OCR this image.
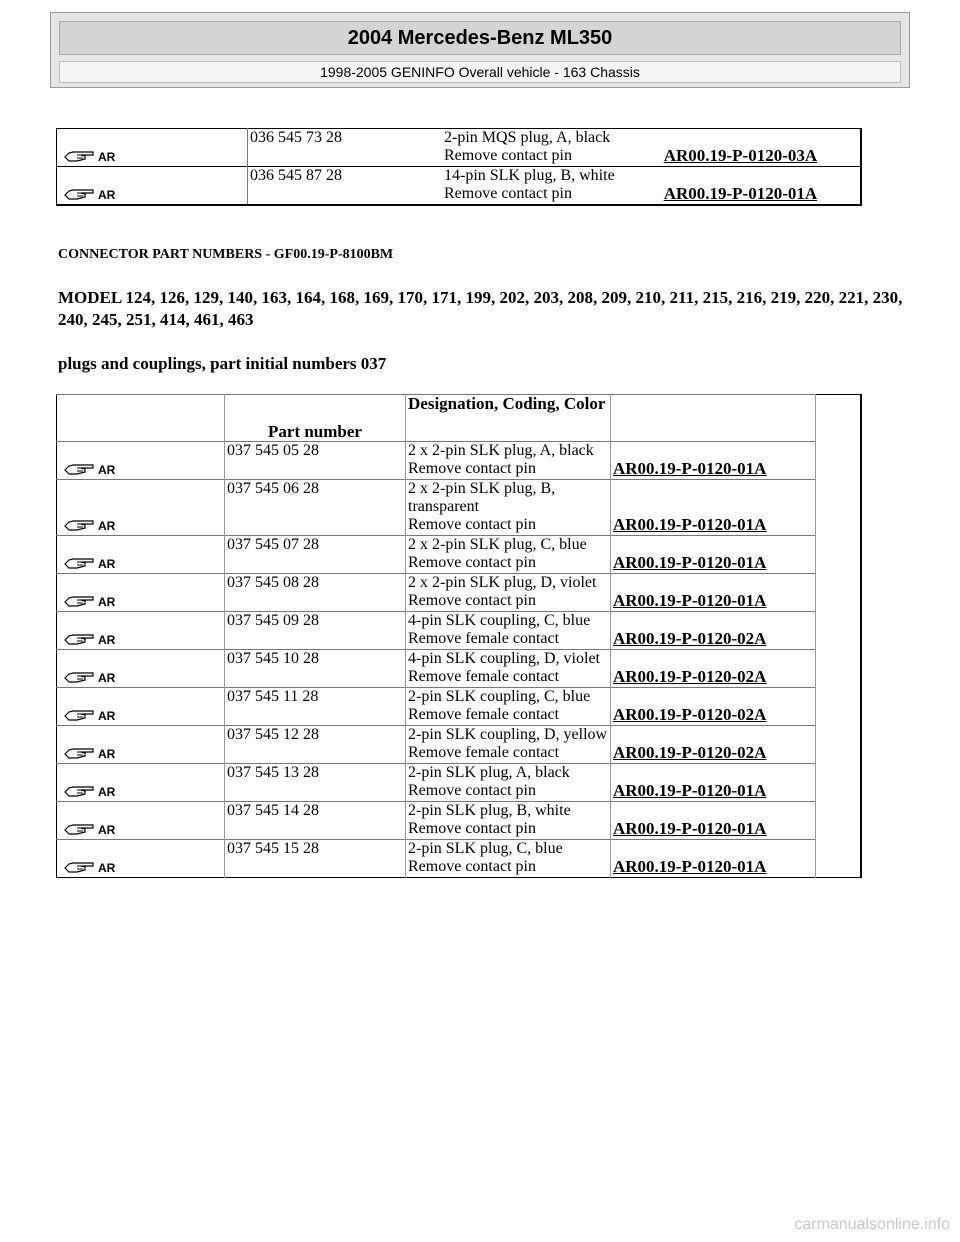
2004 Mercedes-Benz ML350
1998-2005 GENINFO Overall vehicle - 163 Chassis
AR	036 545 73 28	2-pin MQS plug, A, black	
		Remove contact pin	AR00.19-P-0120-03A

AR	036 545 87 28	14-pin SLK plug, B, white	
		Remove contact pin	AR00.19-P-0120-01A
CONNECTOR PART NUMBERS - GF00.19-P-8100BM
MODEL 124, 126, 129, 140, 163, 164, 168, 169, 170, 171, 199, 202, 203, 208, 209, 210, 211, 215, 216, 219, 220, 221, 230, 240, 245, 251, 414, 461, 463
plugs and couplings, part initial numbers 037
	Part number	Designation, Coding, Color		

AR	037 545 05 28	2 x 2-pin SLK plug, A, black		
		Remove contact pin	AR00.19-P-0120-01A	

AR	037 545 06 28	2 x 2-pin SLK plug, B, transparent		
		Remove contact pin	AR00.19-P-0120-01A	

AR	037 545 07 28	2 x 2-pin SLK plug, C, blue		
		Remove contact pin	AR00.19-P-0120-01A	

AR	037 545 08 28	2 x 2-pin SLK plug, D, violet		
		Remove contact pin	AR00.19-P-0120-01A	

AR	037 545 09 28	4-pin SLK coupling, C, blue		
		Remove female contact	AR00.19-P-0120-02A	

AR	037 545 10 28	4-pin SLK coupling, D, violet		
		Remove female contact	AR00.19-P-0120-02A	

AR	037 545 11 28	2-pin SLK coupling, C, blue		
		Remove female contact	AR00.19-P-0120-02A	

AR	037 545 12 28	2-pin SLK coupling, D, yellow		
		Remove female contact	AR00.19-P-0120-02A	

AR	037 545 13 28	2-pin SLK plug, A, black		
		Remove contact pin	AR00.19-P-0120-01A	

AR	037 545 14 28	2-pin SLK plug, B, white		
		Remove contact pin	AR00.19-P-0120-01A	

AR	037 545 15 28	2-pin SLK plug, C, blue		
		Remove contact pin	AR00.19-P-0120-01A	
carmanualsonline.info
